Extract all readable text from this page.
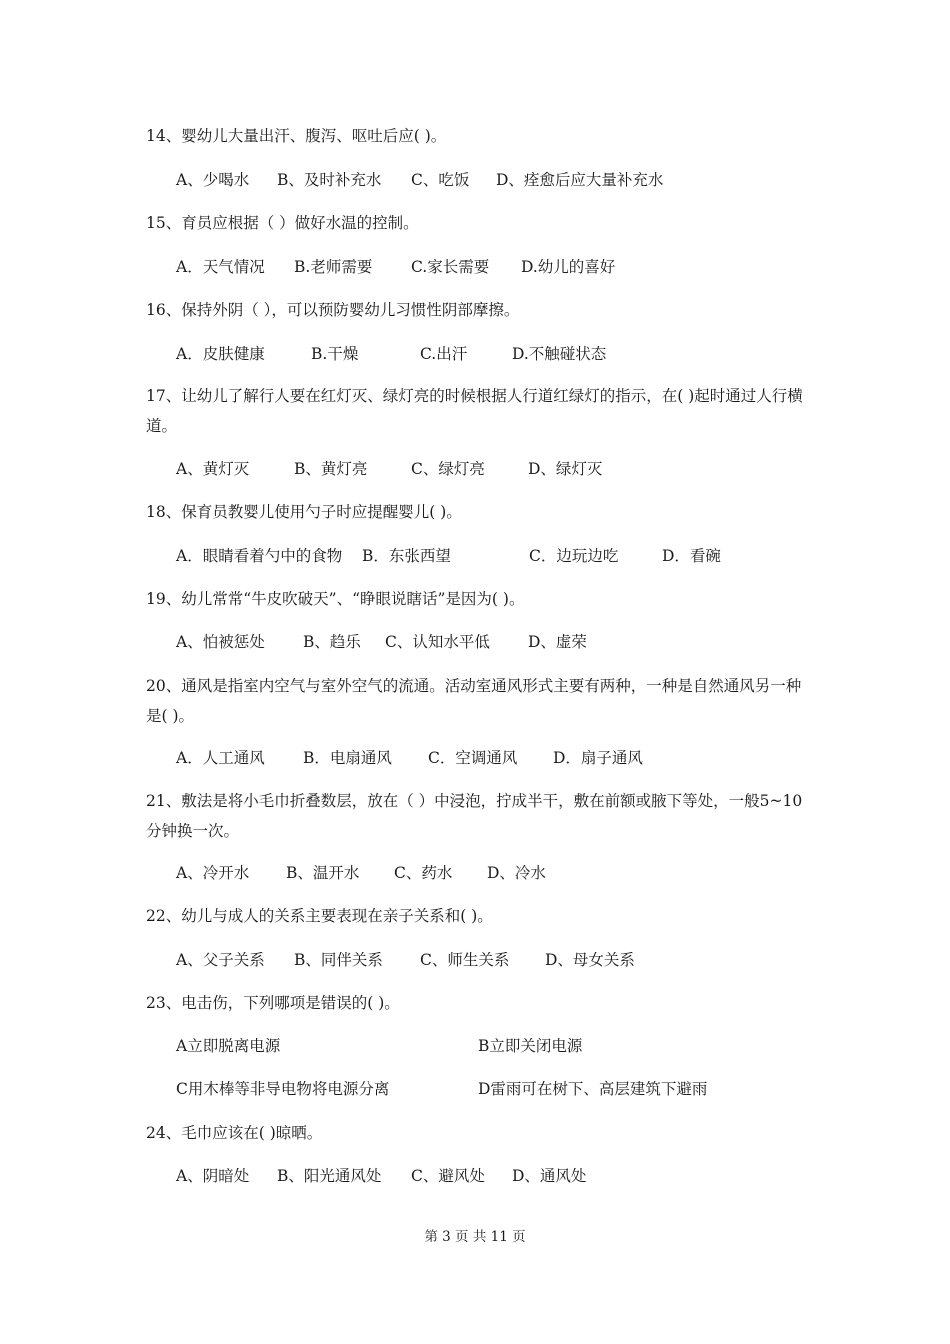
14、婴幼儿大量出汗、腹泻、呕吐后应( )。
A、少喝水 B、及时补充水 C、吃饭 D、痊愈后应大量补充水
15、育员应根据（ ）做好水温的控制。
A．天气情况 B.老师需要 C.家长需要 D.幼儿的喜好
16、保持外阴（ ），可以预防婴幼儿习惯性阴部摩擦。
A．皮肤健康	B.干燥	C.出汗	D.不触碰状态
17、让幼儿了解行人要在红灯灭、绿灯亮的时候根据人行道红绿灯的指示，在( )起时通过人行横道。
A、黄灯灭	B、黄灯亮	C、绿灯亮	D、绿灯灭
18、保育员教婴儿使用勺子时应提醒婴儿( )。
A．眼睛看着勺中的食物 B．东张西望	C．边玩边吃	D．看碗
19、幼儿常常“牛皮吹破天”、“睁眼说瞎话”是因为( )。
A、怕被惩处 B、趋乐 C、认知水平低 D、虚荣
20、通风是指室内空气与室外空气的流通。活动室通风形式主要有两种，一种是自然通风另一种是( )。
A．人工通风 B．电扇通风 C．空调通风 D．扇子通风
21、敷法是将小毛巾折叠数层，放在（ ）中浸泡，拧成半干，敷在前额或腋下等处，一般5~10分钟换一次。
A、冷开水 B、温开水 C、药水 D、冷水
22、幼儿与成人的关系主要表现在亲子关系和( )。
A、父子关系 B、同伴关系 C、师生关系 D、母女关系
23、电击伤，下列哪项是错误的( )。
A立即脱离电源	B立即关闭电源
C用木棒等非导电物将电源分离	D雷雨可在树下、高层建筑下避雨
24、毛巾应该在( )晾晒。
A、阴暗处 B、阳光通风处 C、避风处 D、通风处
第 3 页 共 11 页
